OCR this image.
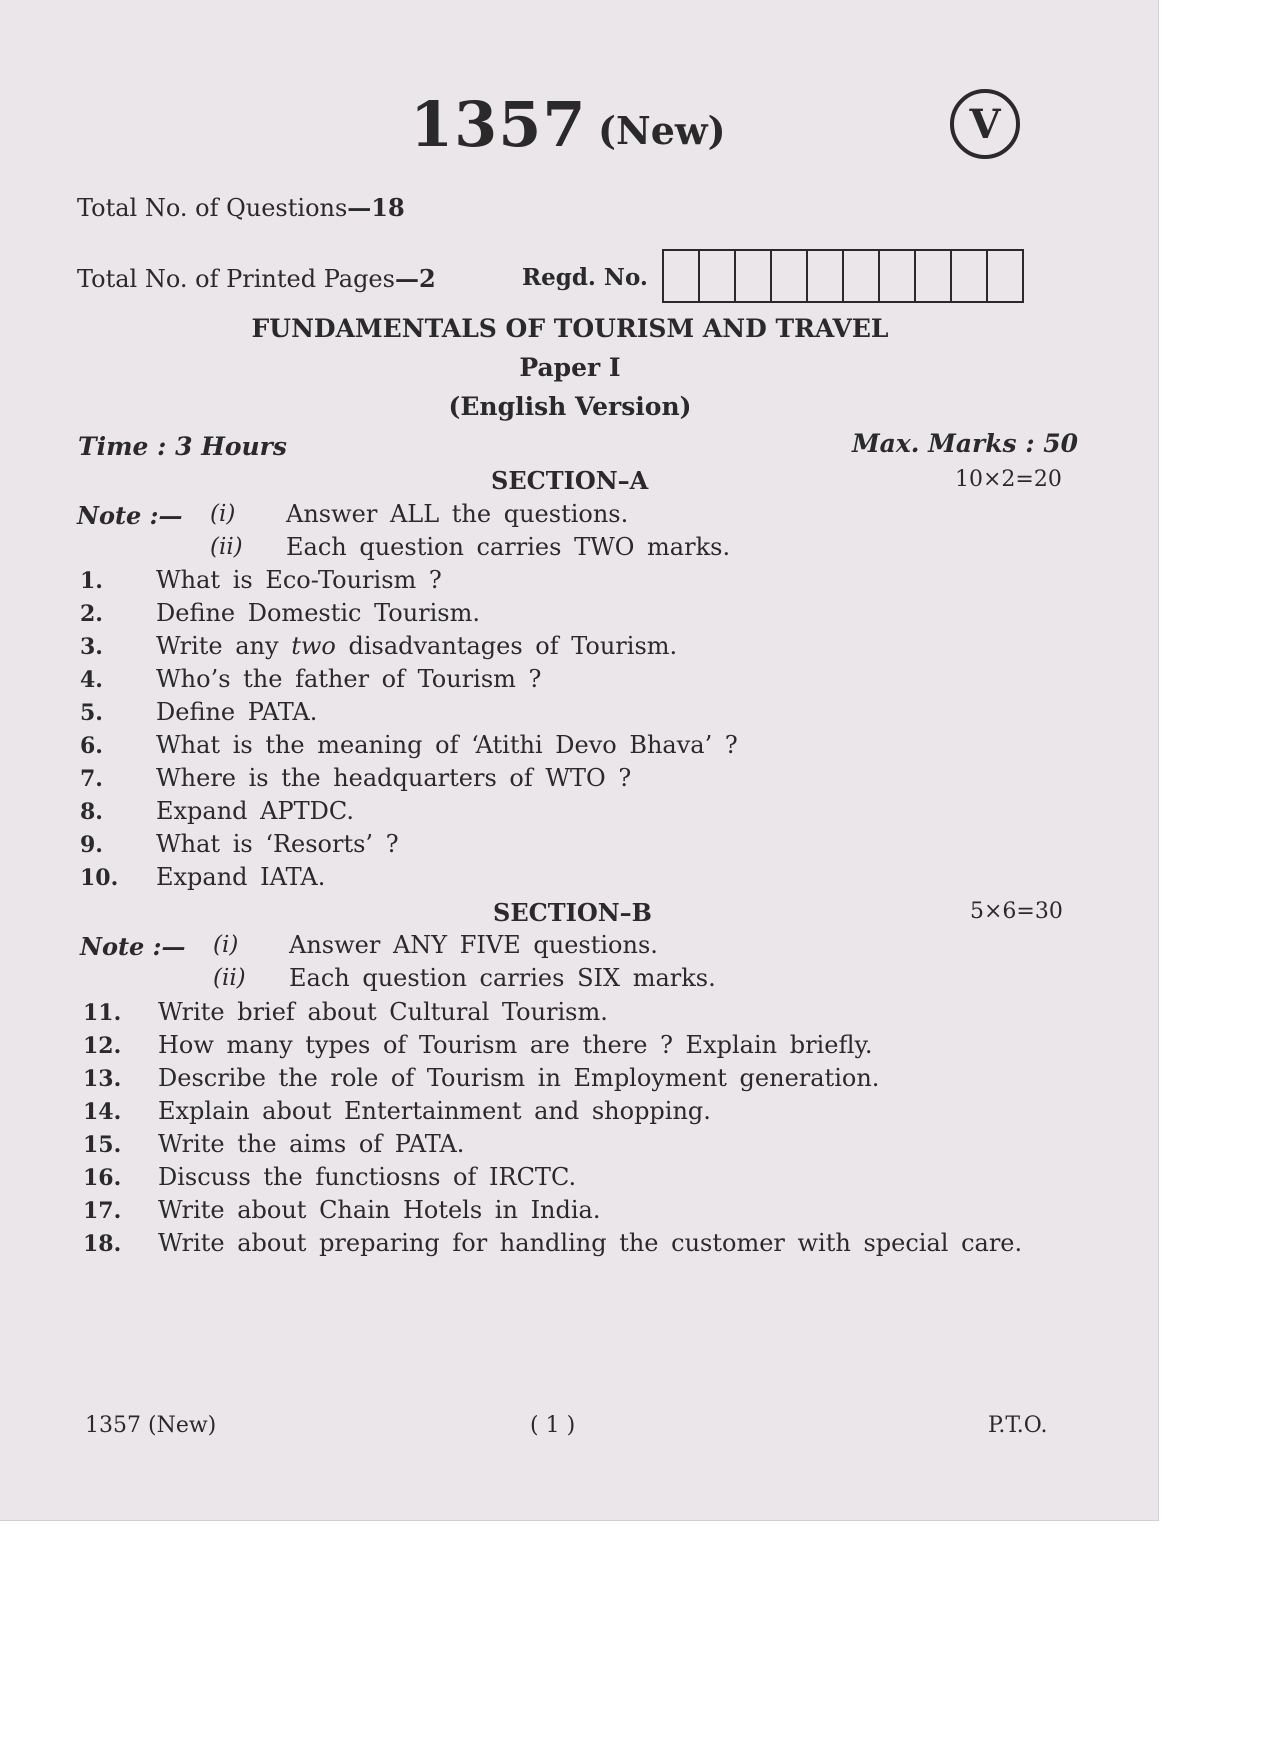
1357 (New)	V
Total No. of Questions—18
Total No. of Printed Pages—2	Regd. No.
FUNDAMENTALS OF TOURISM AND TRAVEL
Paper I
(English Version)
Time : 3 Hours	Max. Marks : 50
SECTION–A	10×2=20
Note :— (i) Answer ALL the questions.
(ii) Each question carries TWO marks.
1. What is Eco-Tourism ?
2. Define Domestic Tourism.
3. Write any two disadvantages of Tourism.
4. Who’s the father of Tourism ?
5. Define PATA.
6. What is the meaning of ‘Atithi Devo Bhava’ ?
7. Where is the headquarters of WTO ?
8. Expand APTDC.
9. What is ‘Resorts’ ?
10. Expand IATA.
SECTION–B	5×6=30
Note :— (i) Answer ANY FIVE questions.
(ii) Each question carries SIX marks.
11. Write brief about Cultural Tourism.
12. How many types of Tourism are there ? Explain briefly.
13. Describe the role of Tourism in Employment generation.
14. Explain about Entertainment and shopping.
15. Write the aims of PATA.
16. Discuss the functiosns of IRCTC.
17. Write about Chain Hotels in India.
18. Write about preparing for handling the customer with special care.
1357 (New)	( 1 )	P.T.O.
